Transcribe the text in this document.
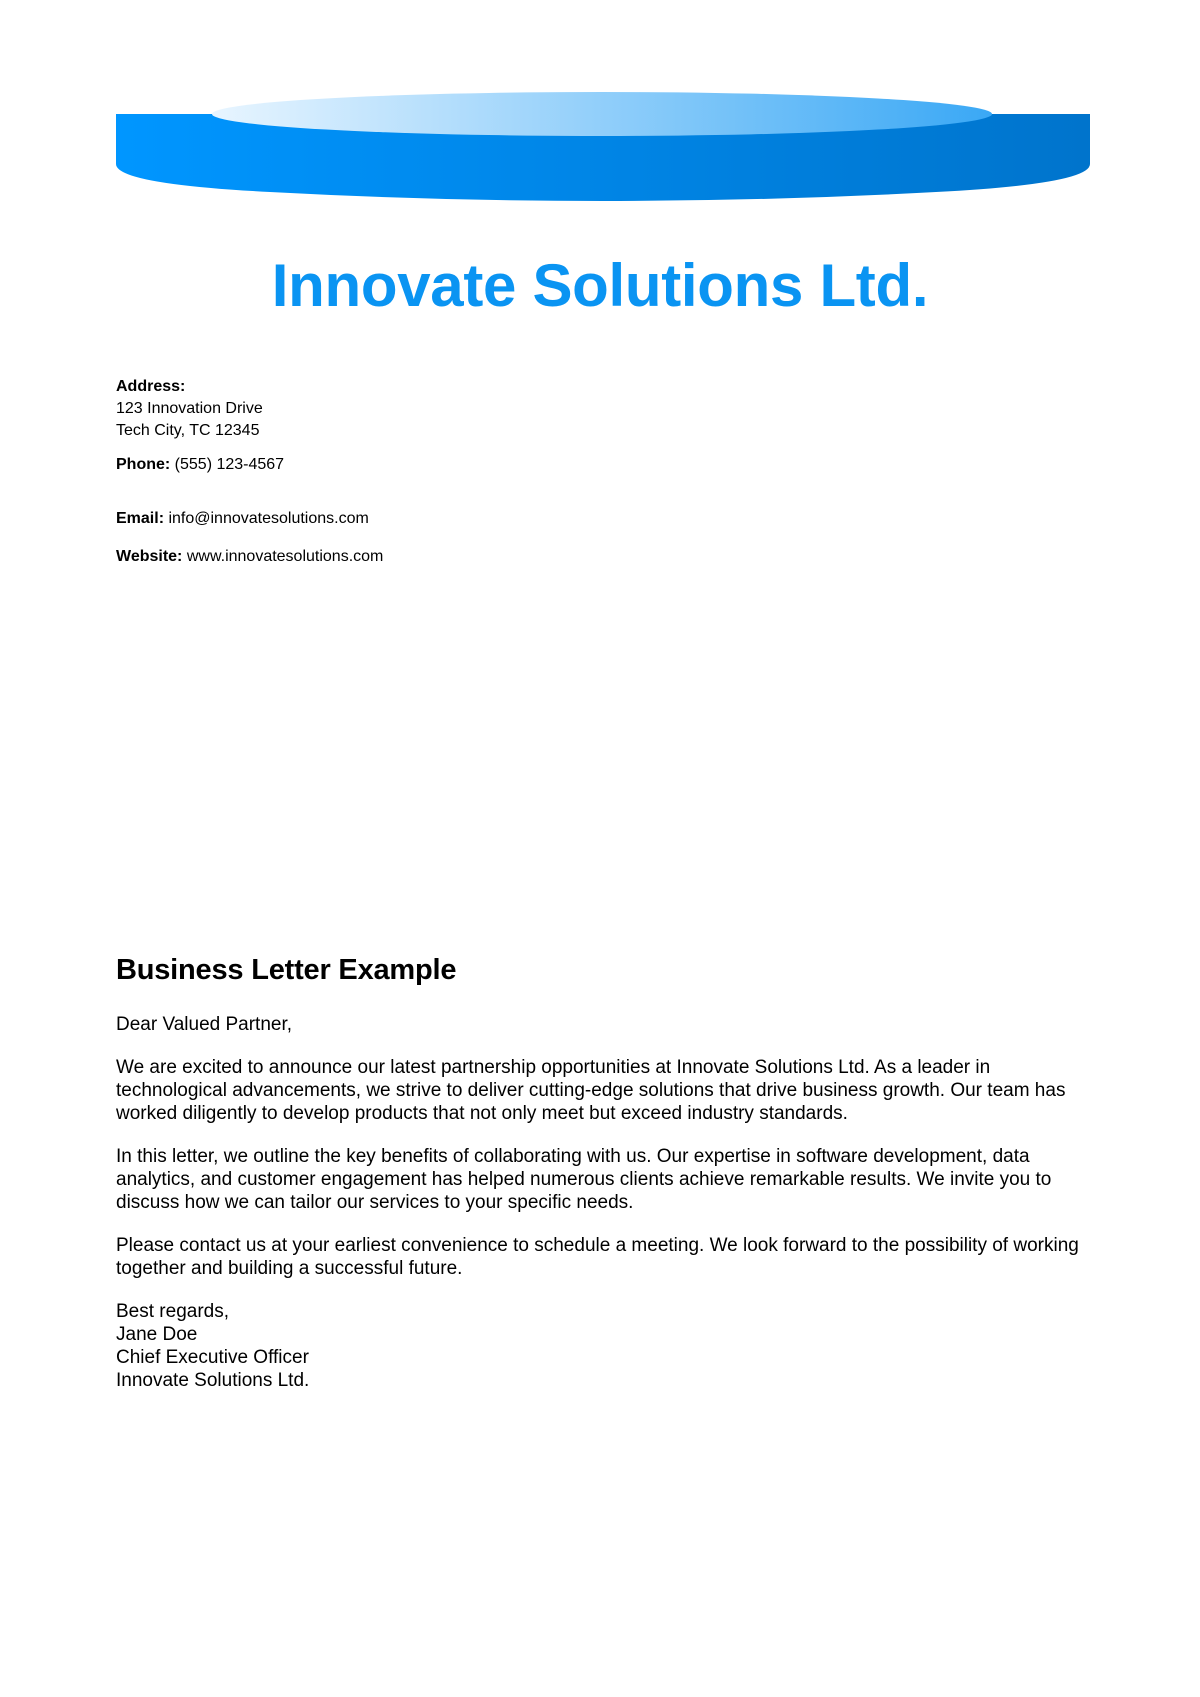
Innovate Solutions Ltd.
Address:
123 Innovation Drive
Tech City, TC 12345
Phone: (555) 123-4567
Email: info@innovatesolutions.com
Website: www.innovatesolutions.com
Business Letter Example

Dear Valued Partner,

We are excited to announce our latest partnership opportunities at Innovate Solutions Ltd. As a leader in technological advancements, we strive to deliver cutting-edge solutions that drive business growth. Our team has worked diligently to develop products that not only meet but exceed industry standards.

In this letter, we outline the key benefits of collaborating with us. Our expertise in software development, data analytics, and customer engagement has helped numerous clients achieve remarkable results. We invite you to discuss how we can tailor our services to your specific needs.

Please contact us at your earliest convenience to schedule a meeting. We look forward to the possibility of working together and building a successful future.

Best regards,
Jane Doe
Chief Executive Officer
Innovate Solutions Ltd.
